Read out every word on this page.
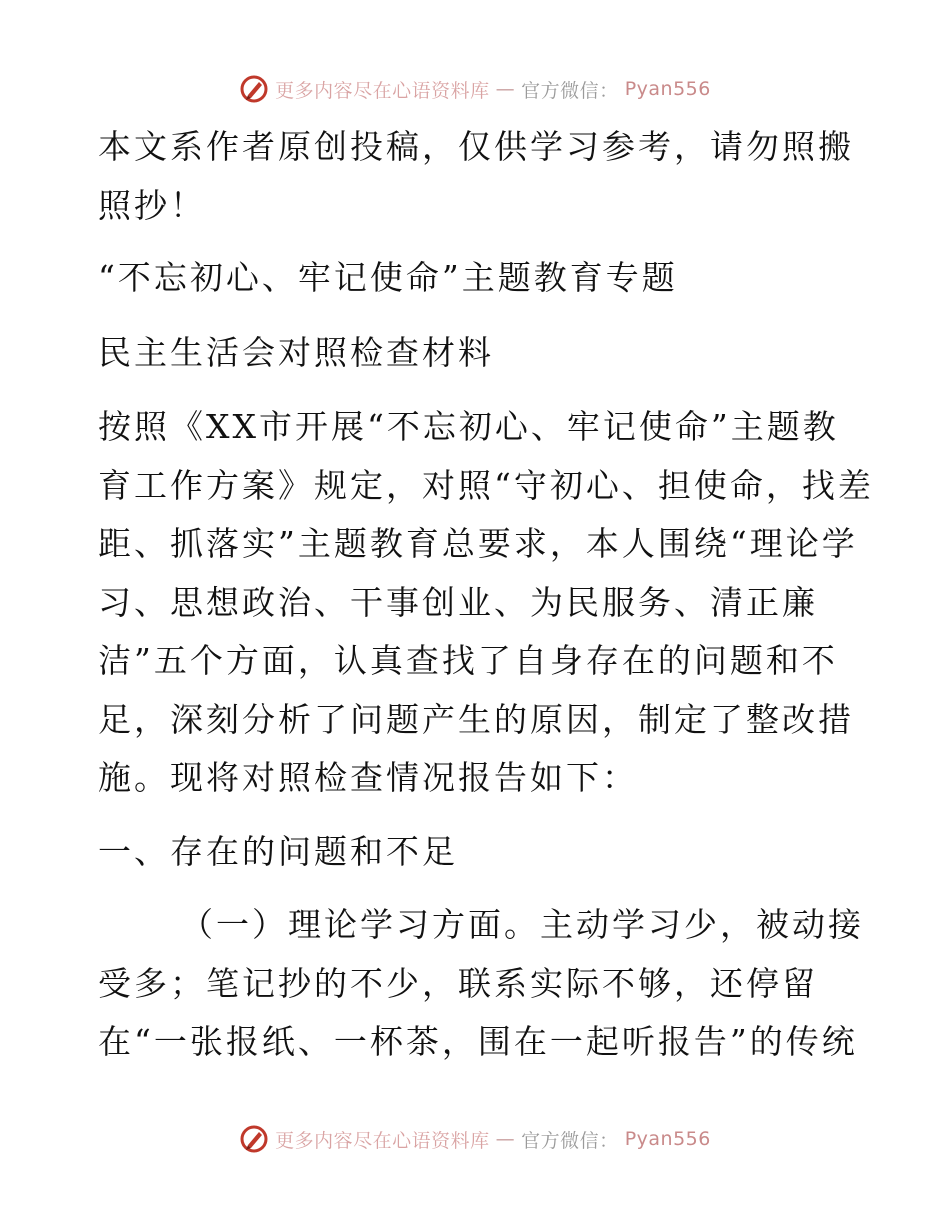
更多内容尽在心语资料库 — 官方微信： Pyan556
本文系作者原创投稿，仅供学习参考，请勿照搬
照抄！
“不忘初心、牢记使命”主题教育专题
民主生活会对照检查材料
按照《XX市开展“不忘初心、牢记使命”主题教
育工作方案》规定，对照“守初心、担使命，找差
距、抓落实”主题教育总要求，本人围绕“理论学
习、思想政治、干事创业、为民服务、清正廉
洁”五个方面，认真查找了自身存在的问题和不
足，深刻分析了问题产生的原因，制定了整改措
施。现将对照检查情况报告如下：
一、存在的问题和不足
（一）理论学习方面。主动学习少，被动接
受多；笔记抄的不少，联系实际不够，还停留
在“一张报纸、一杯茶，围在一起听报告”的传统
更多内容尽在心语资料库 — 官方微信： Pyan556
